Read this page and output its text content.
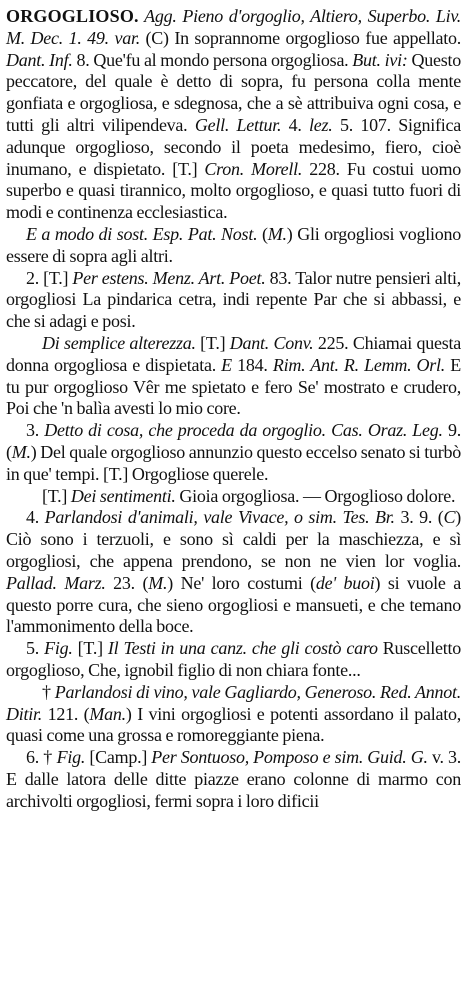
ORGOGLIOSO. Agg. Pieno d'orgoglio, Altiero, Superbo. Liv. M. Dec. 1. 49. var. (C) In soprannome orgoglioso fue appellato. Dant. Inf. 8. Que'fu al mondo persona orgogliosa. But. ivi: Questo peccatore, del quale è detto di sopra, fu persona colla mente gonfiata e orgogliosa, e sdegnosa, che a sè attribuiva ogni cosa, e tutti gli altri vilipendeva. Gell. Lettur. 4. lez. 5. 107. Significa adunque orgoglioso, secondo il poeta medesimo, fiero, cioè inumano, e dispietato. [T.] Cron. Morell. 228. Fu costui uomo superbo e quasi tirannico, molto orgoglioso, e quasi tutto fuori di modi e continenza ecclesiastica.

E a modo di sost. Esp. Pat. Nost. (M.) Gli orgogliosi vogliono essere di sopra agli altri.

2. [T.] Per estens. Menz. Art. Poet. 83. Talor nutre pensieri alti, orgogliosi La pindarica cetra, indi repente Par che si abbassi, e che si adagi e posi.

Di semplice alterezza. [T.] Dant. Conv. 225. Chiamai questa donna orgogliosa e dispietata. E 184. Rim. Ant. R. Lemm. Orl. E tu pur orgoglioso Vêr me spietato e fero Se' mostrato e crudero, Poi che 'n balìa avesti lo mio core.

3. Detto di cosa, che proceda da orgoglio. Cas. Oraz. Leg. 9. (M.) Del quale orgoglioso annunzio questo eccelso senato si turbò in que' tempi. [T.] Orgogliose querele.

[T.] Dei sentimenti. Gioia orgogliosa. — Orgoglioso dolore.

4. Parlandosi d'animali, vale Vivace, o sim. Tes. Br. 3. 9. (C) Ciò sono i terzuoli, e sono sì caldi per la maschiezza, e sì orgogliosi, che appena prendono, se non ne vien lor voglia. Pallad. Marz. 23. (M.) Ne' loro costumi (de' buoi) si vuole a questo porre cura, che sieno orgogliosi e mansueti, e che temano l'ammonimento della boce.

5. Fig. [T.] Il Testi in una canz. che gli costò caro Ruscelletto orgoglioso, Che, ignobil figlio di non chiara fonte...

† Parlandosi di vino, vale Gagliardo, Generoso. Red. Annot. Ditir. 121. (Man.) I vini orgogliosi e potenti assordano il palato, quasi come una grossa e romoreggiante piena.

6. † Fig. [Camp.] Per Sontuoso, Pomposo e sim. Guid. G. v. 3. E dalle latora delle ditte piazze erano colonne di marmo con archivolti orgogliosi, fermi sopra i loro dificii
